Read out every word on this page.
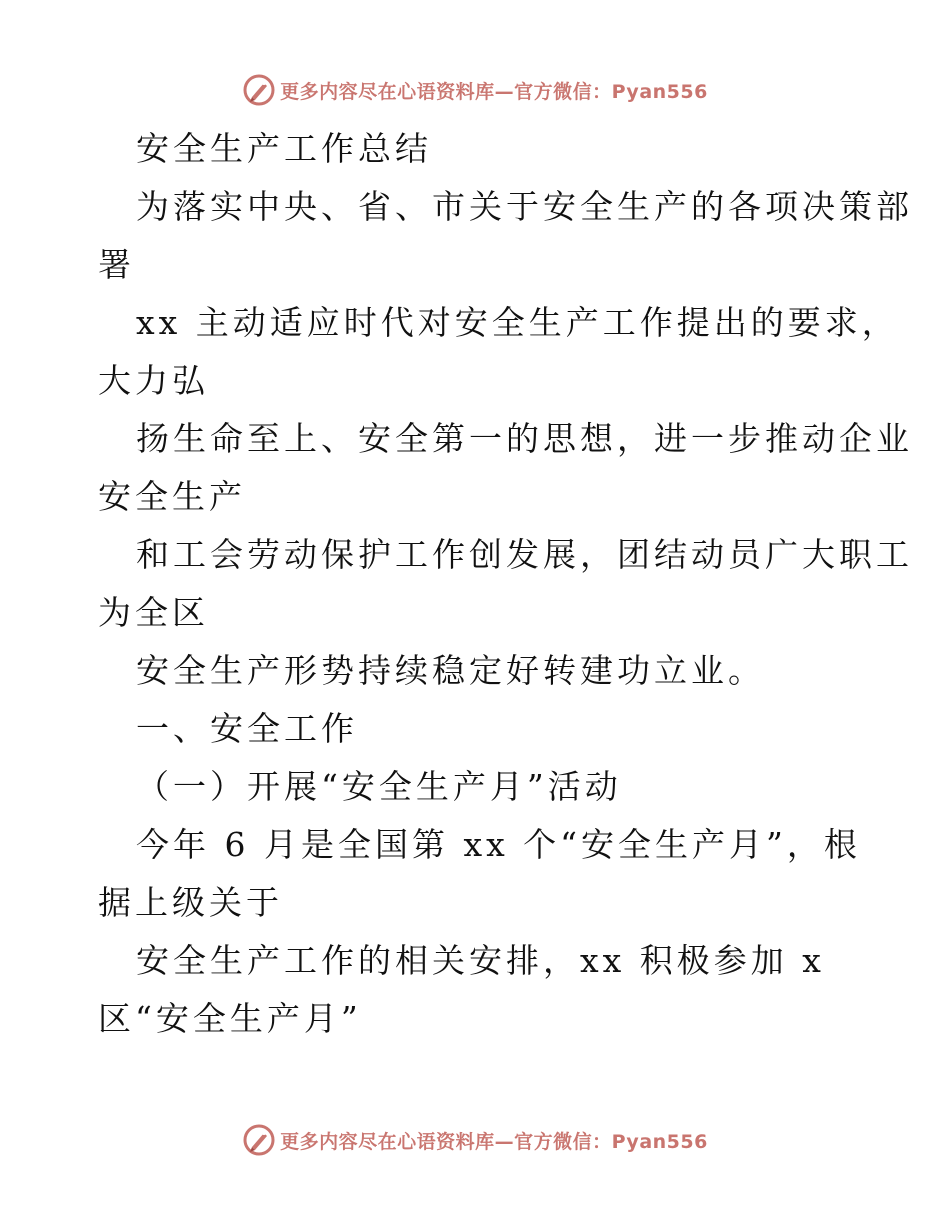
更多内容尽在心语资料库—官方微信：Pyan556
安全生产工作总结
为落实中央、省、市关于安全生产的各项决策部
署
xx 主动适应时代对安全生产工作提出的要求，
大力弘
扬生命至上、安全第一的思想，进一步推动企业
安全生产
和工会劳动保护工作创发展，团结动员广大职工
为全区
安全生产形势持续稳定好转建功立业。
一、安全工作
（一）开展“安全生产月”活动
今年 6 月是全国第 xx 个“安全生产月”，根
据上级关于
安全生产工作的相关安排，xx 积极参加 x
区“安全生产月”
更多内容尽在心语资料库—官方微信：Pyan556
